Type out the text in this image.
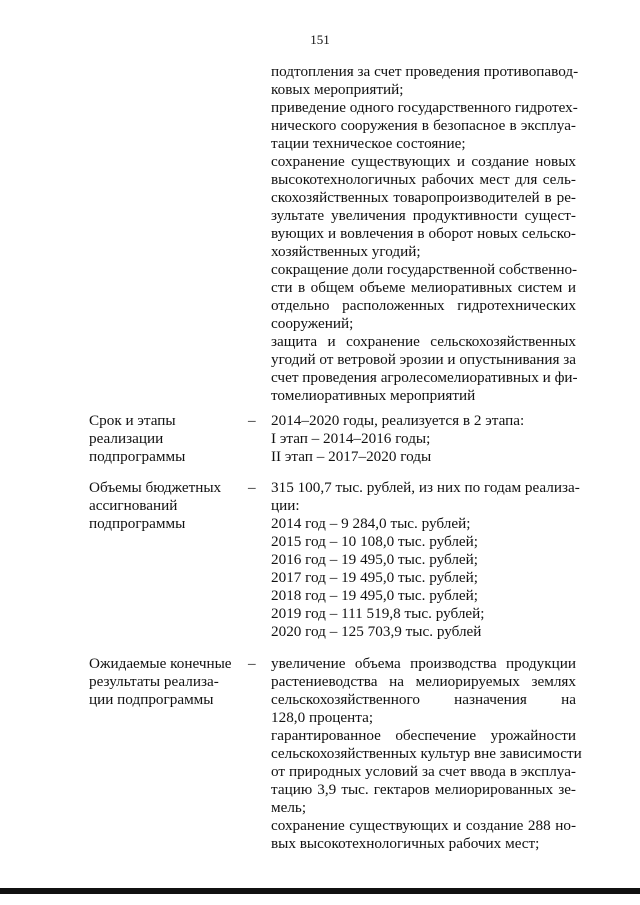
151
подтопления за счет проведения противопавод-
ковых мероприятий;
приведение одного государственного гидротех-
нического сооружения в безопасное в эксплуа-
тации техническое состояние;
сохранение существующих и создание новых
высокотехнологичных рабочих мест для сель-
скохозяйственных товаропроизводителей в ре-
зультате увеличения продуктивности сущест-
вующих и вовлечения в оборот новых сельско-
хозяйственных угодий;
сокращение доли государственной собственно-
сти в общем объеме мелиоративных систем и
отдельно расположенных гидротехнических
сооружений;
защита и сохранение сельскохозяйственных
угодий от ветровой эрозии и опустынивания за
счет проведения агролесомелиоративных и фи-
томелиоративных мероприятий
Срок и этапы
реализации
подпрограммы
– 2014–2020 годы, реализуется в 2 этапа:
I этап – 2014–2016 годы;
II этап – 2017–2020 годы
Объемы бюджетных
ассигнований
подпрограммы
– 315 100,7 тыс. рублей, из них по годам реализа-
ции:
2014 год – 9 284,0 тыс. рублей;
2015 год – 10 108,0 тыс. рублей;
2016 год – 19 495,0 тыс. рублей;
2017 год – 19 495,0 тыс. рублей;
2018 год – 19 495,0 тыс. рублей;
2019 год – 111 519,8 тыс. рублей;
2020 год – 125 703,9 тыс. рублей
Ожидаемые конечные
результаты реализа-
ции подпрограммы
– увеличение объема производства продукции
растениеводства на мелиорируемых землях
сельскохозяйственного назначения на
128,0 процента;
гарантированное обеспечение урожайности
сельскохозяйственных культур вне зависимости
от природных условий за счет ввода в эксплуа-
тацию 3,9 тыс. гектаров мелиорированных зе-
мель;
сохранение существующих и создание 288 но-
вых высокотехнологичных рабочих мест;
